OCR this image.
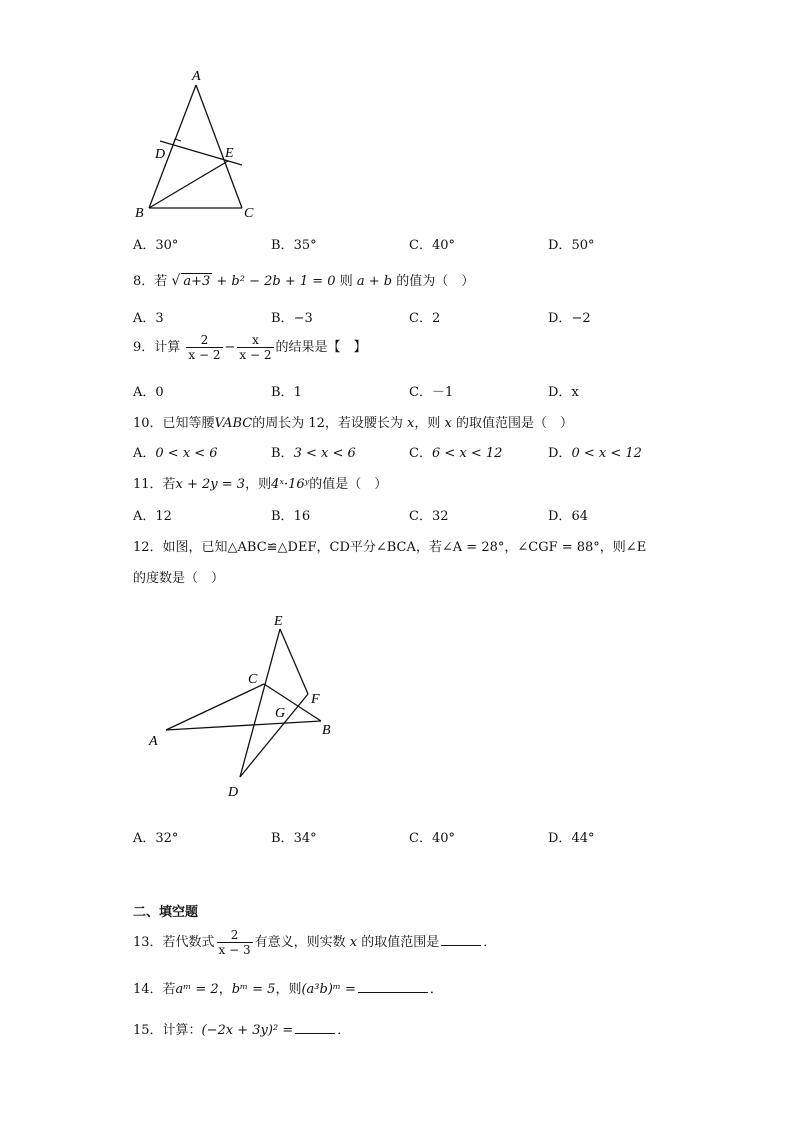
A
D	E
B	C
A．30°	B．35°	C．40°	D．50°
8．若 √ a+3 + b² − 2b + 1 = 0 则 a + b 的值为（　）
A．3	B．−3	C．2	D．−2
9．计算 $\frac{2}{x - 2} - \frac{x}{x - 2}$ 的结果是【　】
A．0	B．1	C．－1	D．x
10．已知等腰VABC的周长为 12，若设腰长为 x，则 x 的取值范围是（　）
A．0 < x < 6	B．3 < x < 6	C．6 < x < 12	D．0 < x < 12
11．若x + 2y = 3，则4ˣ·16ʸ的值是（　）
A．12	B．16	C．32	D．64
12．如图，已知△ABC≌△DEF，CD平分∠BCA，若∠A = 28°，∠CGF = 88°，则∠E
的度数是（　）
E
C
F
G
B
A
D
A．32°	B．34°	C．40°	D．44°
二、填空题
13．若代数式 $\frac{2}{x - 3}$ 有意义，则实数 x 的取值范围是	．
14．若aᵐ = 2，bᵐ = 5，则(a³b)ᵐ =	．
15．计算：(−2x + 3y)² =	．
